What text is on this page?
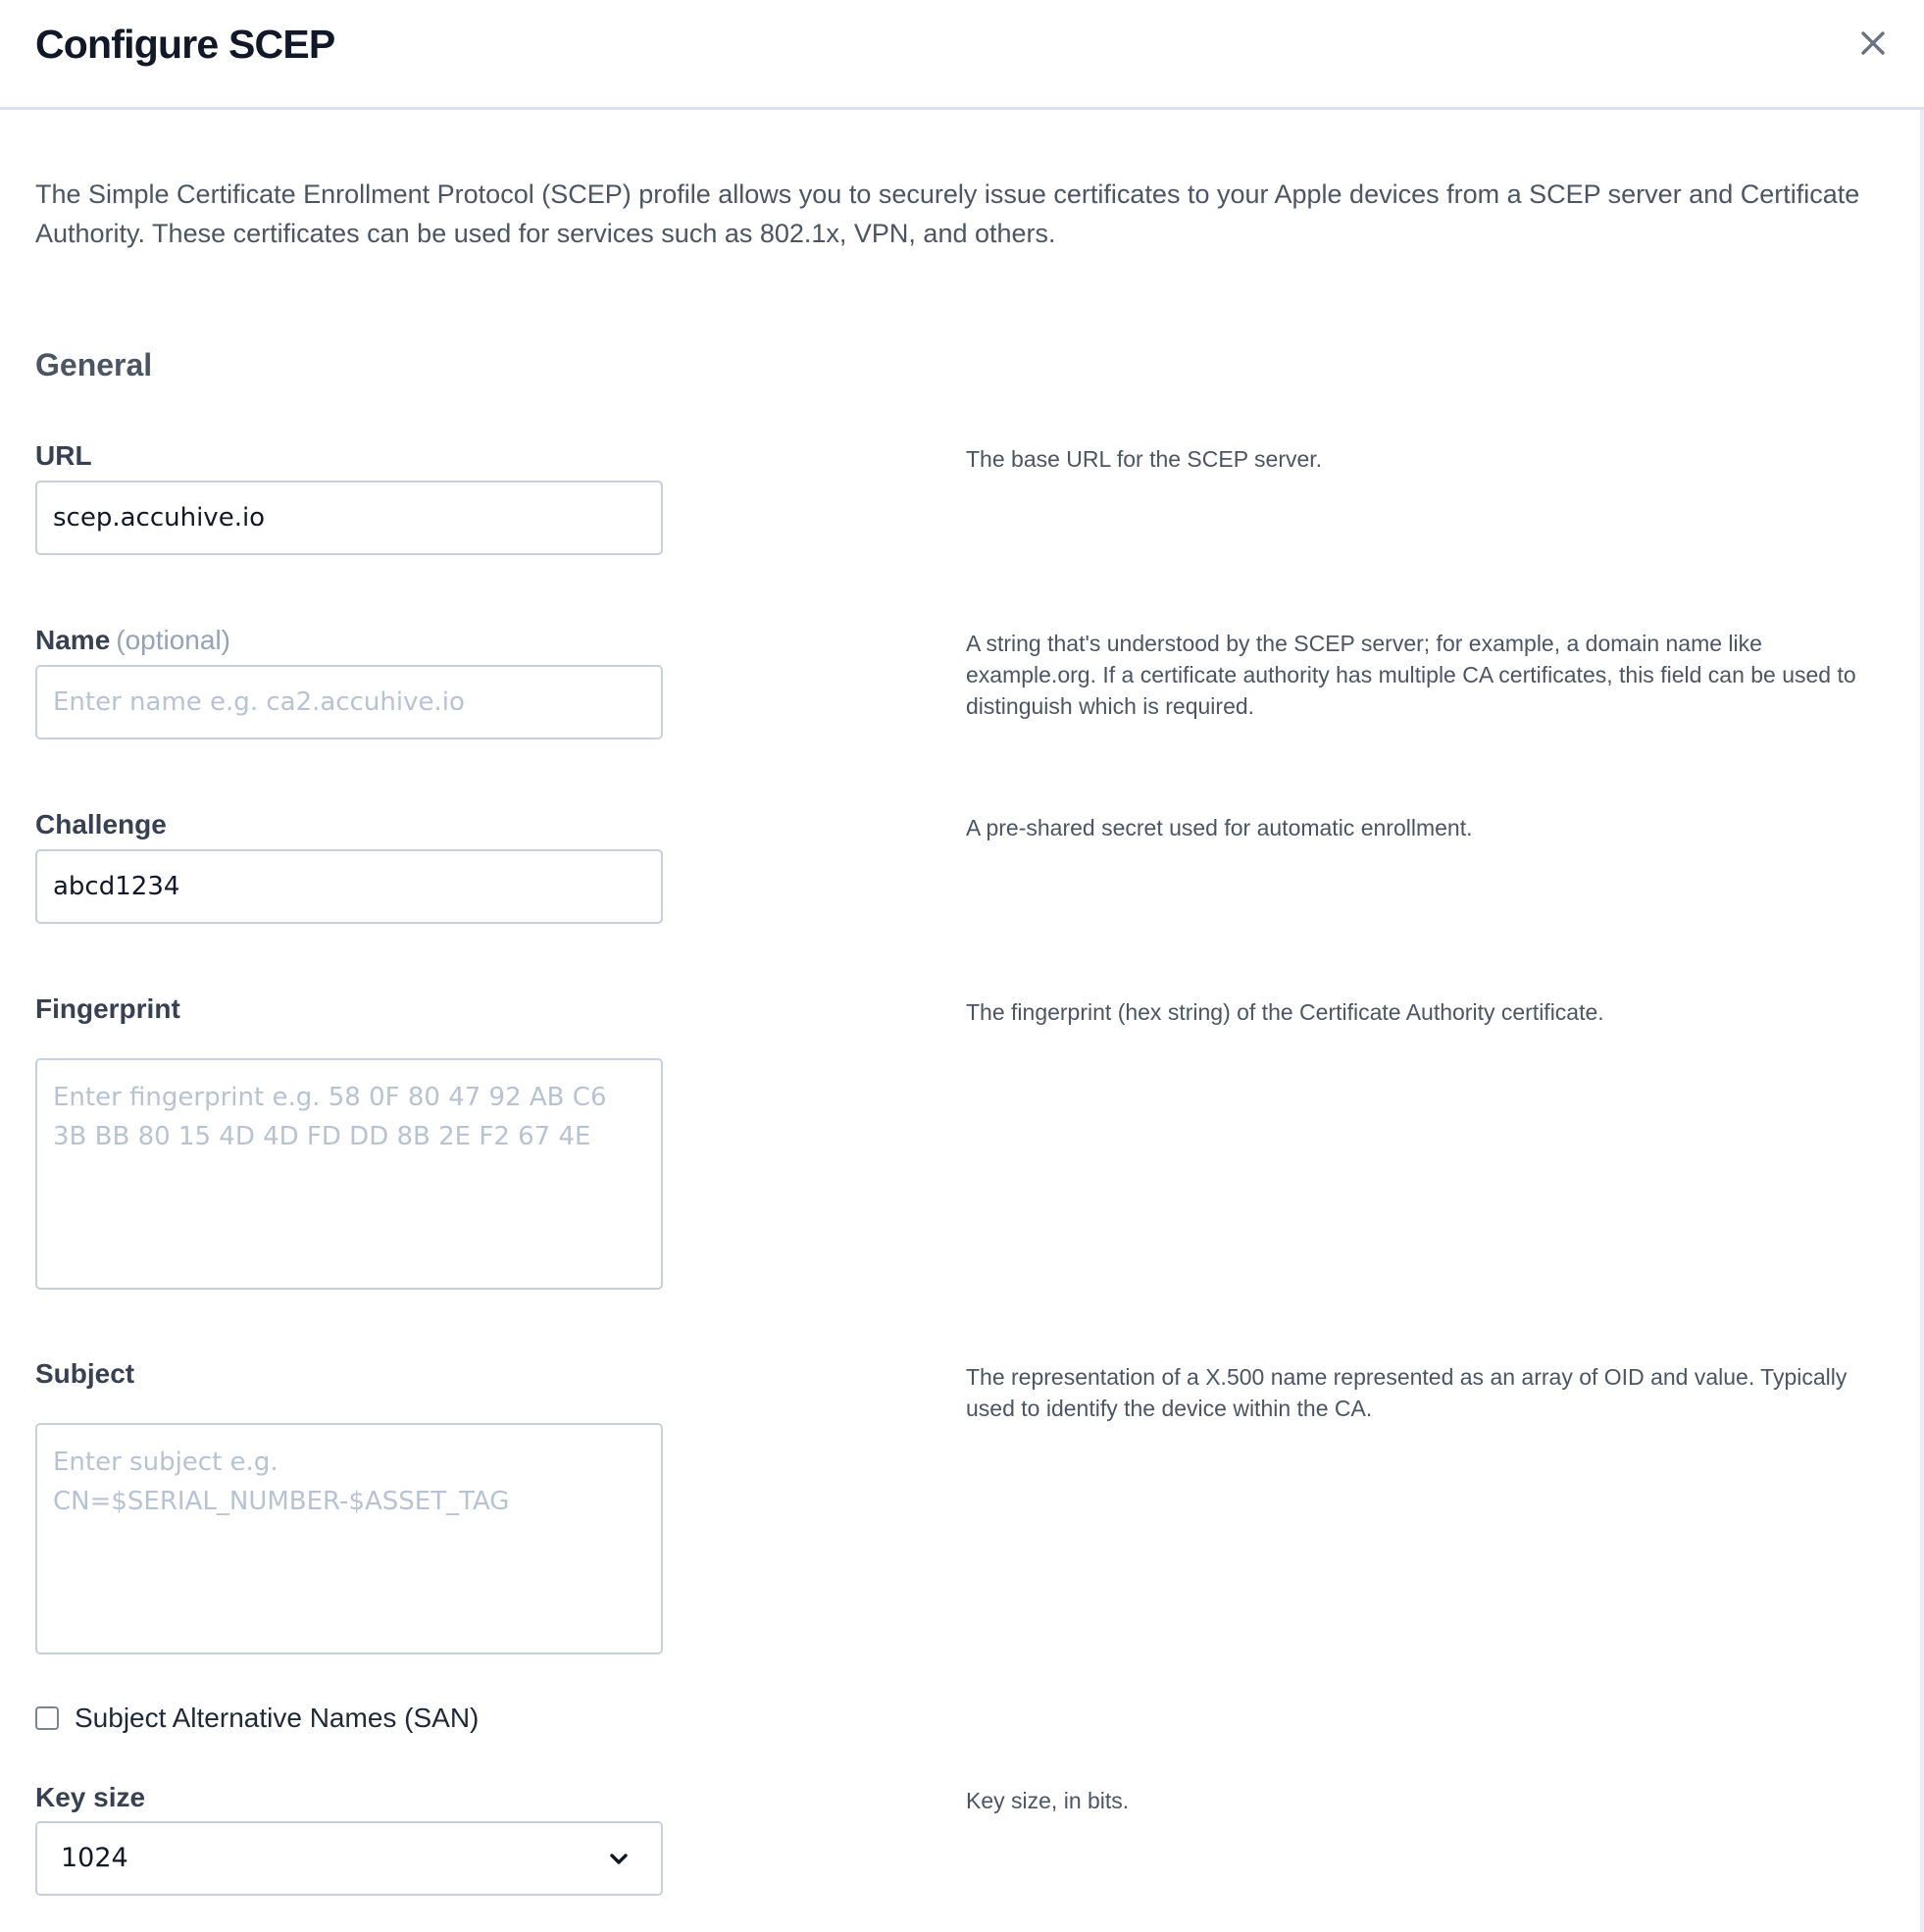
Configure SCEP
The Simple Certificate Enrollment Protocol (SCEP) profile allows you to securely issue certificates to your Apple devices from a SCEP server and Certificate Authority. These certificates can be used for services such as 802.1x, VPN, and others.
General
URL
scep.accuhive.io	The base URL for the SCEP server.
Name (optional)
Enter name e.g. ca2.accuhive.io	A string that's understood by the SCEP server; for example, a domain name like example.org. If a certificate authority has multiple CA certificates, this field can be used to distinguish which is required.
Challenge
abcd1234	A pre-shared secret used for automatic enrollment.
Fingerprint
Enter fingerprint e.g. 58 0F 80 47 92 AB C6 3B BB 80 15 4D 4D FD DD 8B 2E F2 67 4E	The fingerprint (hex string) of the Certificate Authority certificate.
Subject
Enter subject e.g. CN=$SERIAL_NUMBER-$ASSET_TAG	The representation of a X.500 name represented as an array of OID and value. Typically used to identify the device within the CA.
Subject Alternative Names (SAN)
Key size
1024
Key size, in bits.
